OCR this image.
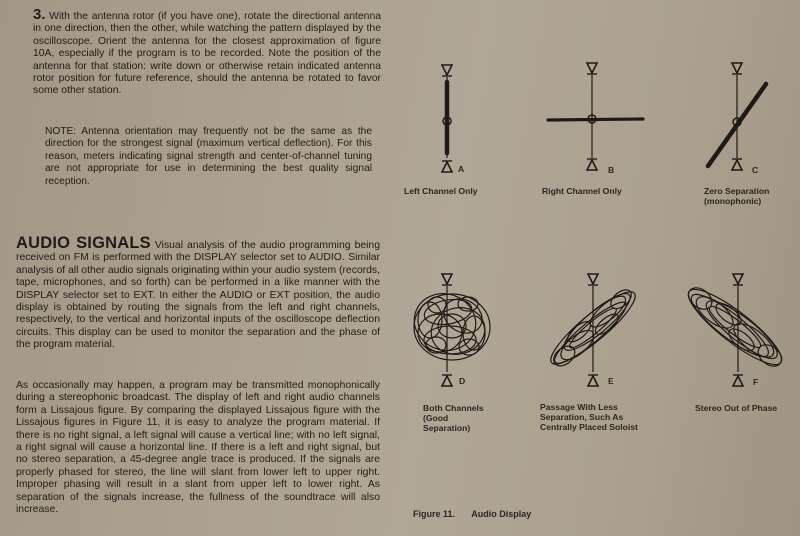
3. With the antenna rotor (if you have one), rotate the directional antenna in one direction, then the other, while watching the pattern displayed by the oscilloscope. Orient the antenna for the closest approximation of figure 10A, especially if the program is to be recorded. Note the position of the antenna for that station: write down or otherwise retain indicated antenna rotor position for future reference, should the antenna be rotated to favor some other station.

NOTE: Antenna orientation may frequently not be the same as the direction for the strongest signal (maximum vertical deflection). For this reason, meters indicating signal strength and center-of-channel tuning are not appropriate for use in determining the best quality signal reception.

AUDIO SIGNALS Visual analysis of the audio programming being received on FM is performed with the DISPLAY selector set to AUDIO. Similar analysis of all other audio signals originating within your audio system (records, tape, microphones, and so forth) can be performed in a like manner with the DISPLAY selector set to EXT. In either the AUDIO or EXT position, the audio display is obtained by routing the signals from the left and right channels, respectively, to the vertical and horizontal inputs of the oscilloscope deflection circuits. This display can be used to monitor the separation and the phase of the program material.

As occasionally may happen, a program may be transmitted monophonically during a stereophonic broadcast. The display of left and right audio channels form a Lissajous figure. By comparing the displayed Lissajous figure with the Lissajous figures in Figure 11, it is easy to analyze the program material. If there is no right signal, a left signal will cause a vertical line; with no left signal, a right signal will cause a horizontal line. If there is a left and right signal, but no stereo separation, a 45-degree angle trace is produced. If the signals are properly phased for stereo, the line will slant from lower left to upper right. Improper phasing will result in a slant from upper left to lower right. As separation of the signals increase, the fullness of the soundtrace will also increase.

A	B	C
D	E	F
Left Channel Only	Right Channel Only	Zero Separation
(monophonic)
Both Channels
(Good
Separation)
Passage With Less
Separation, Such As
Centrally Placed Soloist
Stereo Out of Phase
Figure 11. Audio Display
